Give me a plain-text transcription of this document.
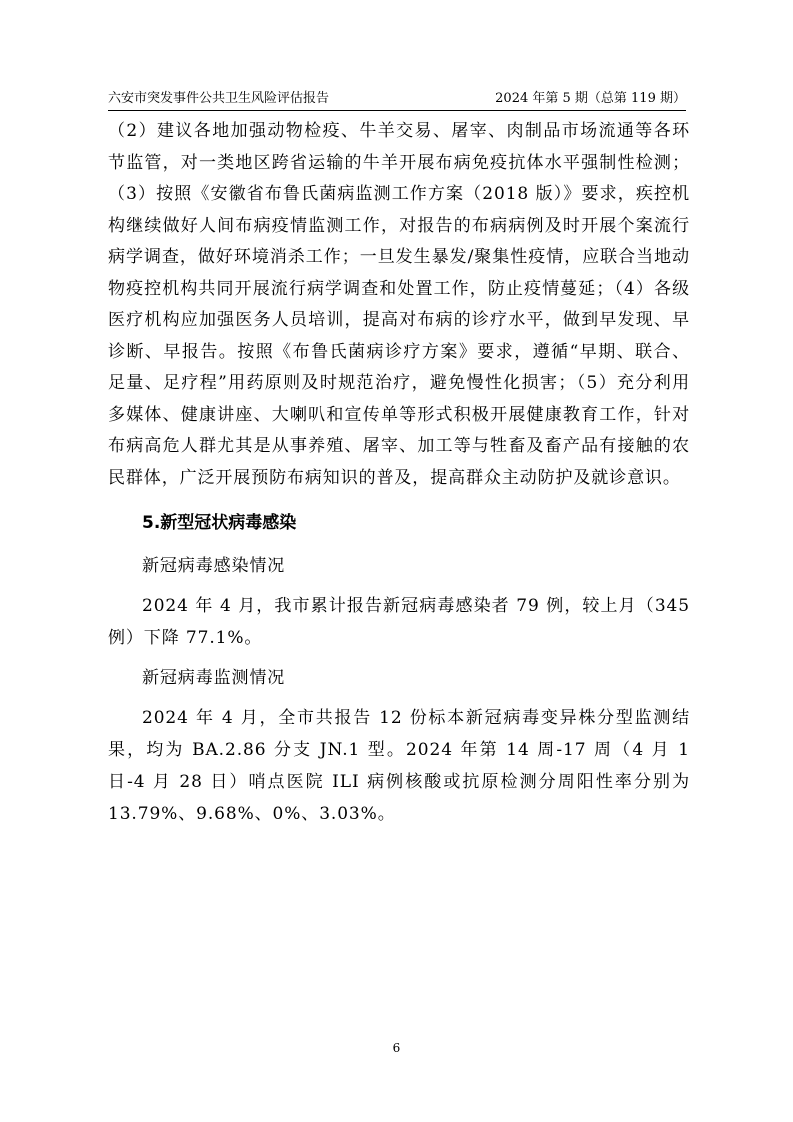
六安市突发事件公共卫生风险评估报告	2024 年第 5 期（总第 119 期）

（2）建议各地加强动物检疫、牛羊交易、屠宰、肉制品市场流通等各环节监管，对一类地区跨省运输的牛羊开展布病免疫抗体水平强制性检测；（3）按照《安徽省布鲁氏菌病监测工作方案（2018 版）》要求，疾控机构继续做好人间布病疫情监测工作，对报告的布病病例及时开展个案流行病学调查，做好环境消杀工作；一旦发生暴发/聚集性疫情，应联合当地动物疫控机构共同开展流行病学调查和处置工作，防止疫情蔓延；（4）各级医疗机构应加强医务人员培训，提高对布病的诊疗水平，做到早发现、早诊断、早报告。按照《布鲁氏菌病诊疗方案》要求，遵循“早期、联合、足量、足疗程”用药原则及时规范治疗，避免慢性化损害；（5）充分利用多媒体、健康讲座、大喇叭和宣传单等形式积极开展健康教育工作，针对布病高危人群尤其是从事养殖、屠宰、加工等与牲畜及畜产品有接触的农民群体，广泛开展预防布病知识的普及，提高群众主动防护及就诊意识。

5.新型冠状病毒感染
新冠病毒感染情况

2024 年 4 月，我市累计报告新冠病毒感染者 79 例，较上月（345 例）下降 77.1%。

新冠病毒监测情况

2024 年 4 月，全市共报告 12 份标本新冠病毒变异株分型监测结果，均为 BA.2.86 分支 JN.1 型。2024 年第 14 周-17 周（4 月 1 日-4 月 28 日）哨点医院 ILI 病例核酸或抗原检测分周阳性率分别为 13.79%、9.68%、0%、3.03%。

6
